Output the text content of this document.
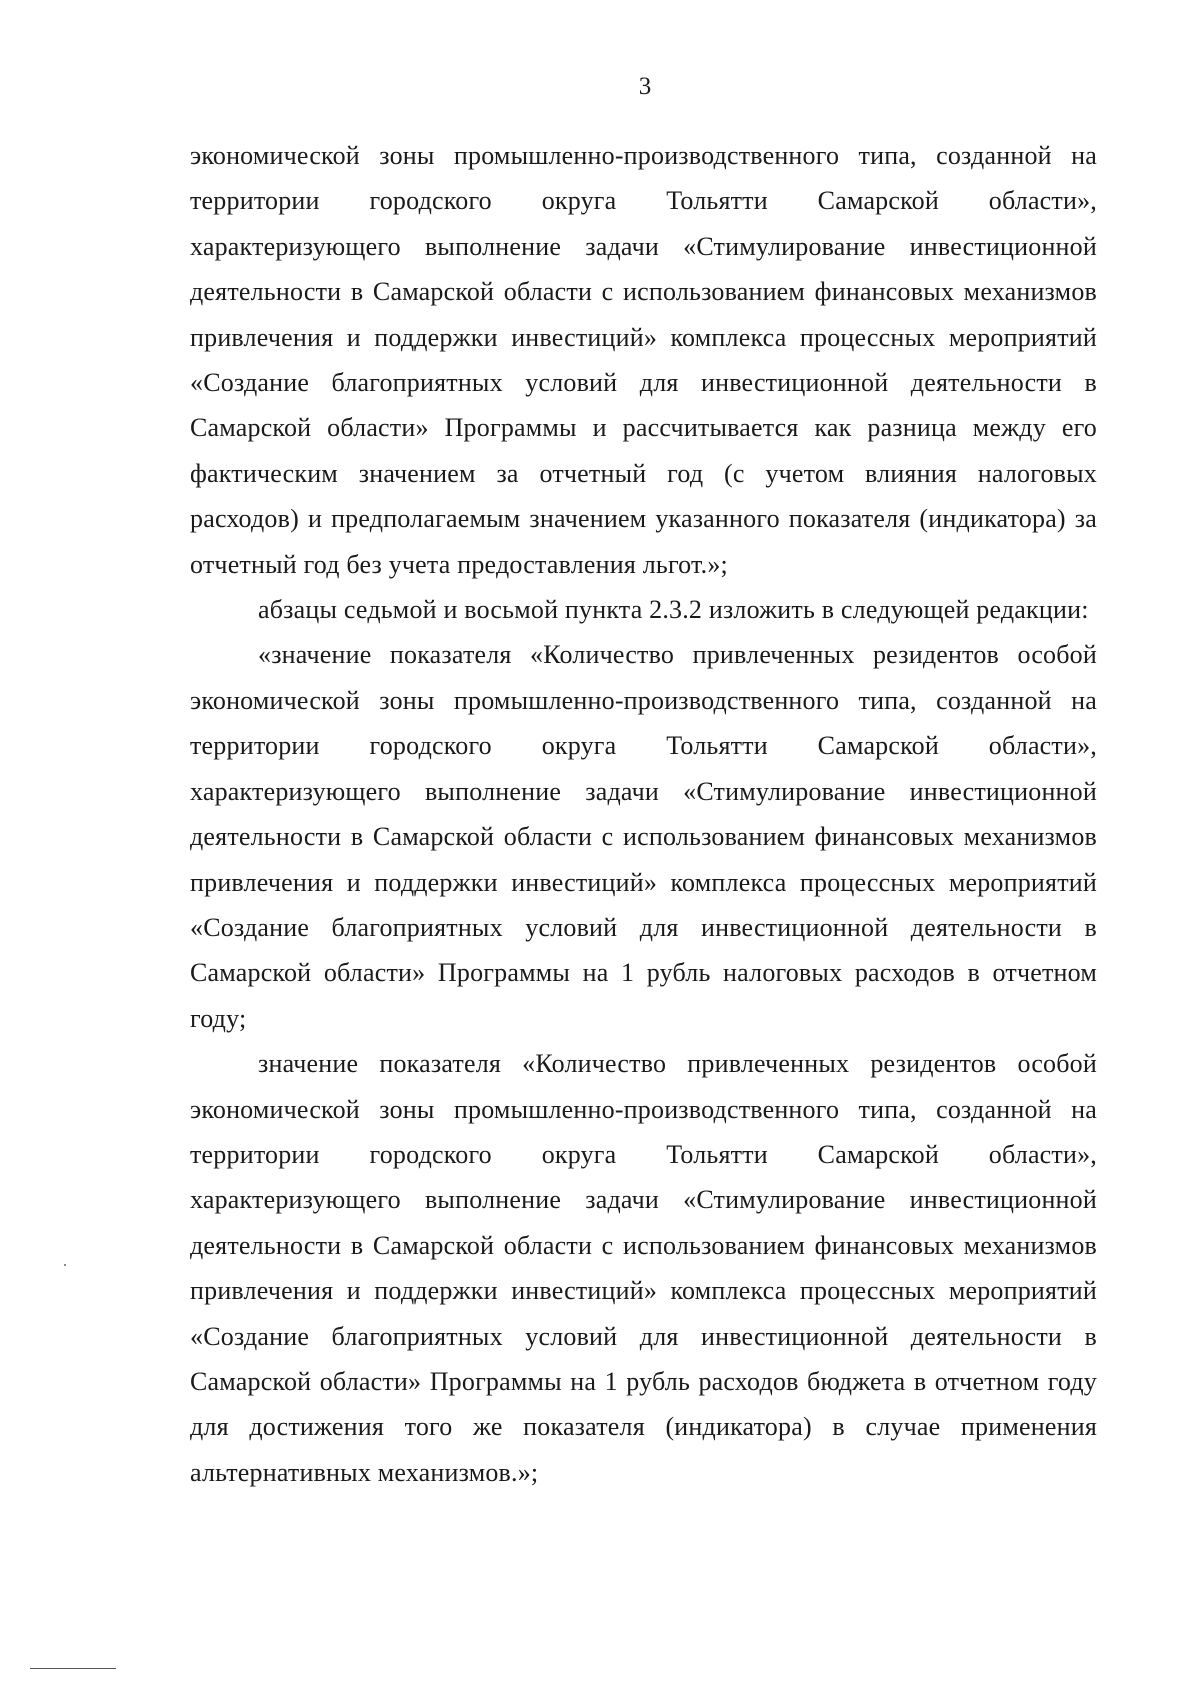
3

экономической зоны промышленно-производственного типа, созданной на территории городского округа Тольятти Самарской области», характеризующего выполнение задачи «Стимулирование инвестиционной деятельности в Самарской области с использованием финансовых механизмов привлечения и поддержки инвестиций» комплекса процессных мероприятий «Создание благоприятных условий для инвестиционной деятельности в Самарской области» Программы и рассчитывается как разница между его фактическим значением за отчетный год (с учетом влияния налоговых расходов) и предполагаемым значением указанного показателя (индикатора) за отчетный год без учета предоставления льгот.»;

абзацы седьмой и восьмой пункта 2.3.2 изложить в следующей редакции:

«значение показателя «Количество привлеченных резидентов особой экономической зоны промышленно-производственного типа, созданной на территории городского округа Тольятти Самарской области», характеризующего выполнение задачи «Стимулирование инвестиционной деятельности в Самарской области с использованием финансовых механизмов привлечения и поддержки инвестиций» комплекса процессных мероприятий «Создание благоприятных условий для инвестиционной деятельности в Самарской области» Программы на 1 рубль налоговых расходов в отчетном году;

значение показателя «Количество привлеченных резидентов особой экономической зоны промышленно-производственного типа, созданной на территории городского округа Тольятти Самарской области», характеризующего выполнение задачи «Стимулирование инвестиционной деятельности в Самарской области с использованием финансовых механизмов привлечения и поддержки инвестиций» комплекса процессных мероприятий «Создание благоприятных условий для инвестиционной деятельности в Самарской области» Программы на 1 рубль расходов бюджета в отчетном году для достижения того же показателя (индикатора) в случае применения альтернативных механизмов.»;
